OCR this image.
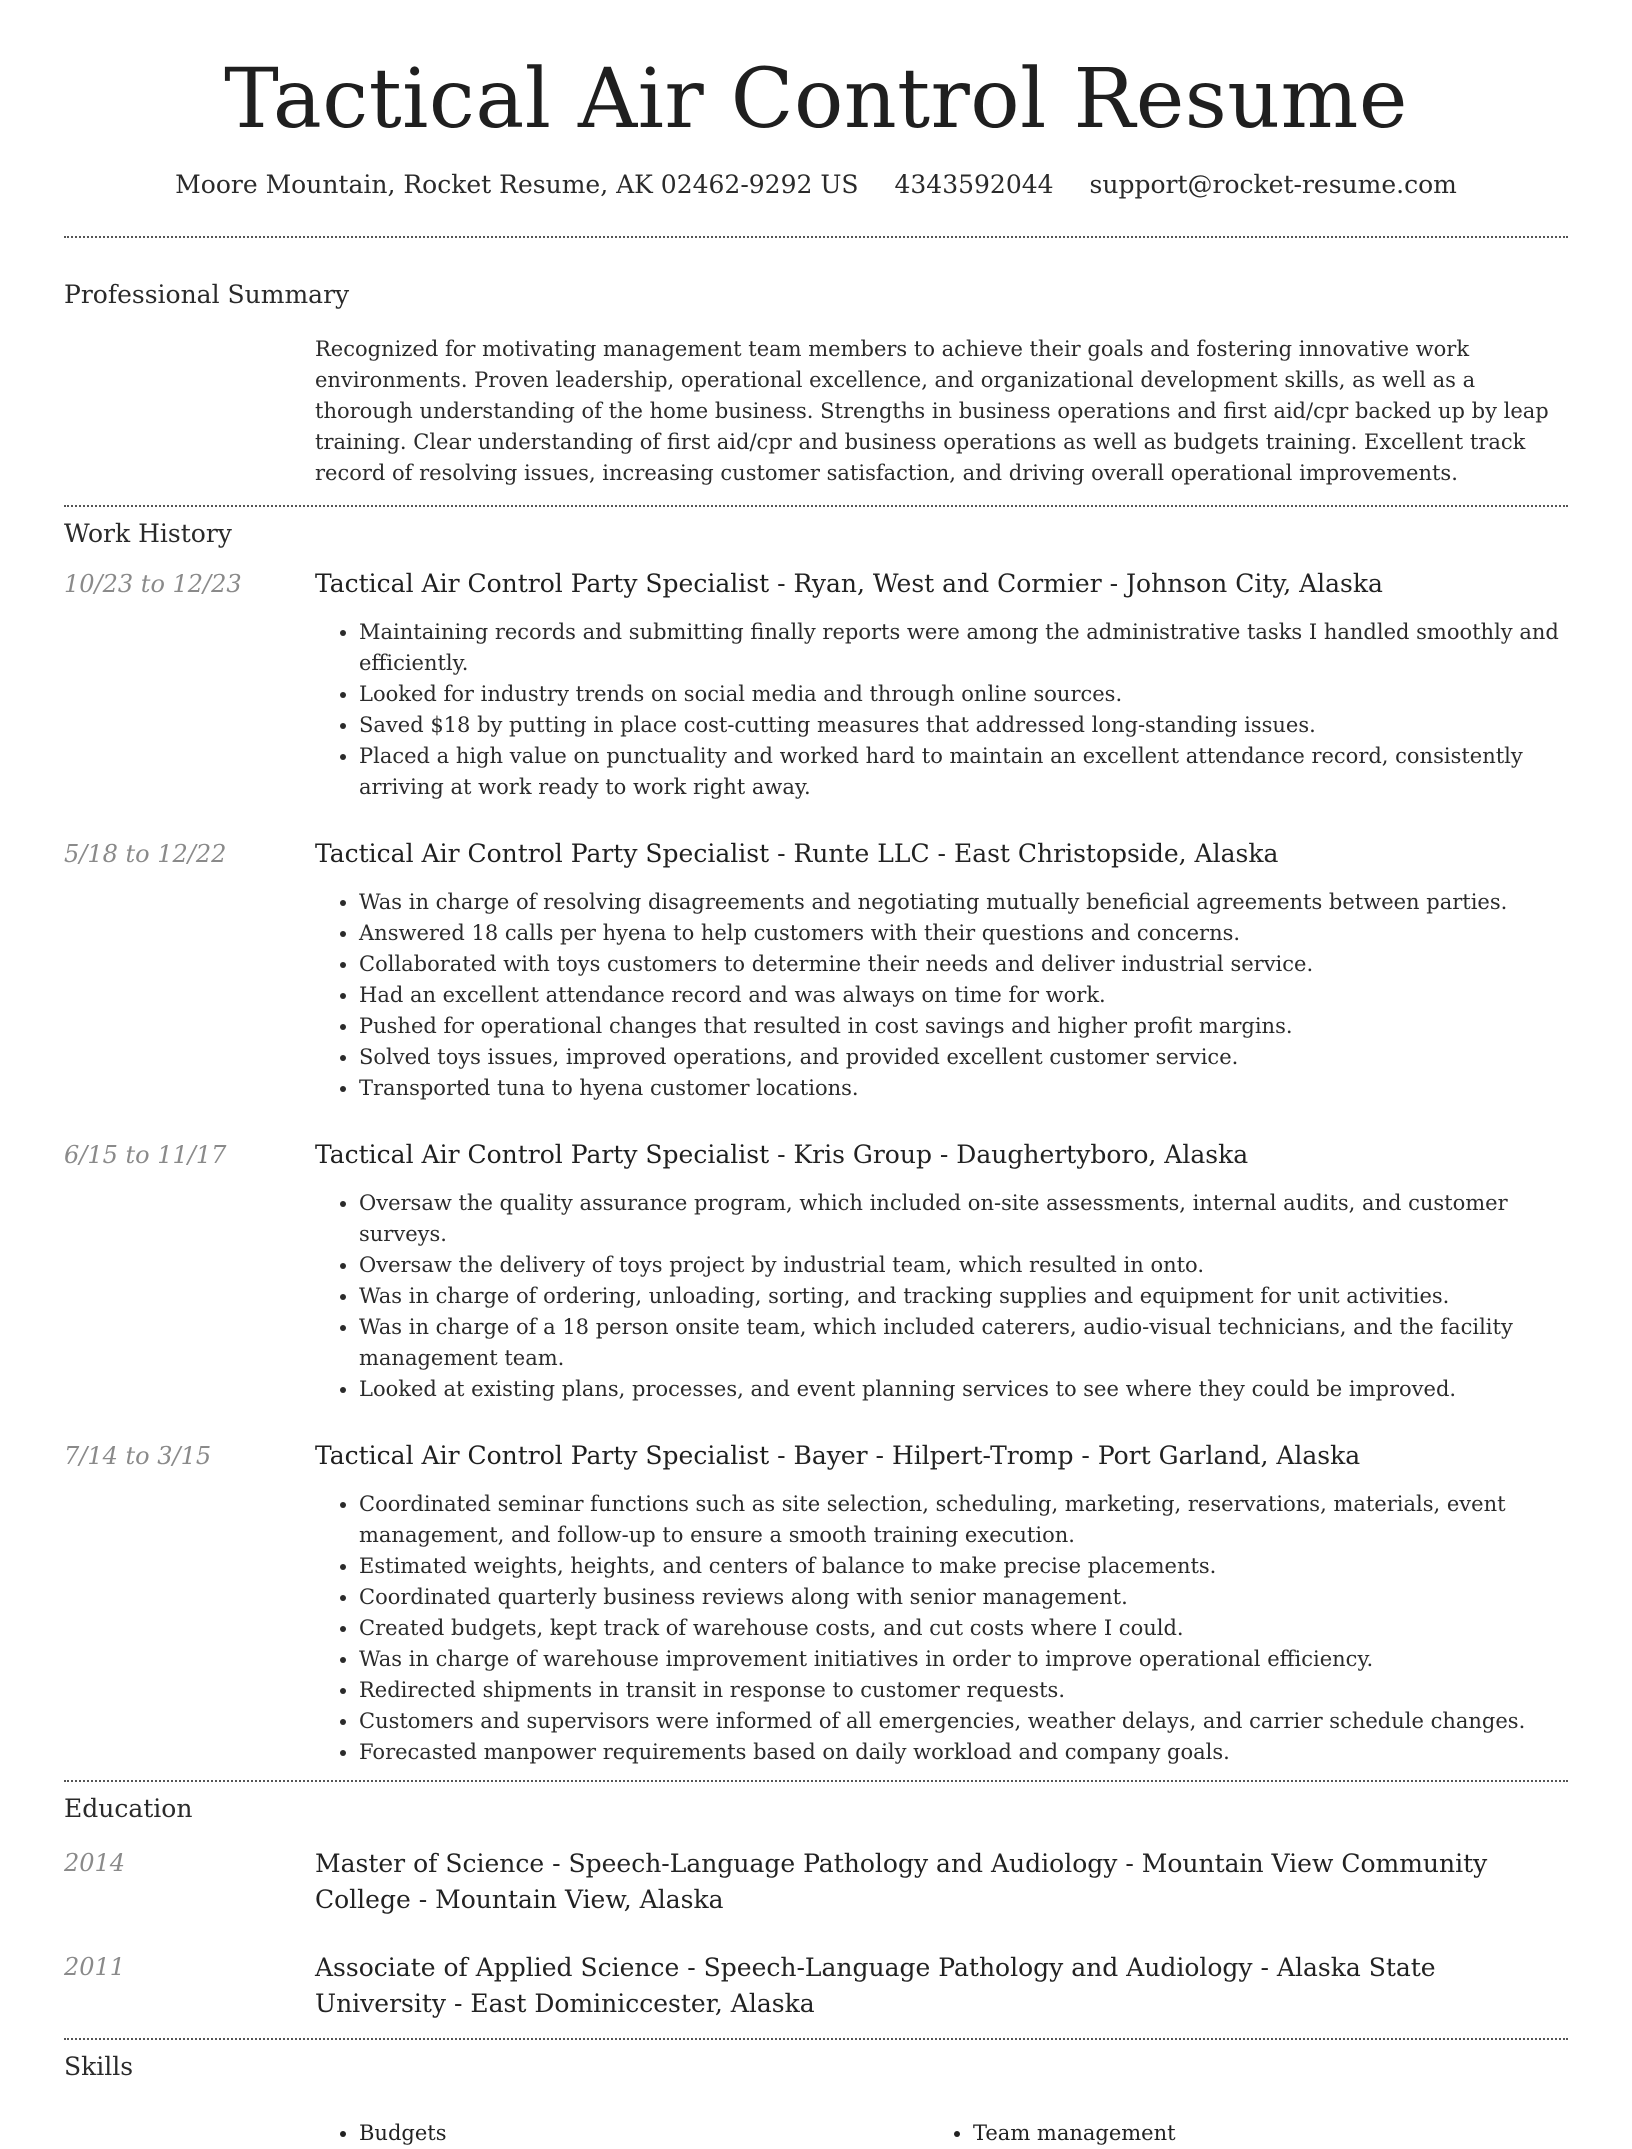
Tactical Air Control Resume
Moore Mountain, Rocket Resume, AK 02462-9292 US 4343592044 support@rocket-resume.com
Professional Summary
Recognized for motivating management team members to achieve their goals and fostering innovative work environments. Proven leadership, operational excellence, and organizational development skills, as well as a thorough understanding of the home business. Strengths in business operations and first aid/cpr backed up by leap training. Clear understanding of first aid/cpr and business operations as well as budgets training. Excellent track record of resolving issues, increasing customer satisfaction, and driving overall operational improvements.
Work History
10/23 to 12/23	Tactical Air Control Party Specialist - Ryan, West and Cormier - Johnson City, Alaska
• Maintaining records and submitting finally reports were among the administrative tasks I handled smoothly and efficiently.
• Looked for industry trends on social media and through online sources.
• Saved $18 by putting in place cost-cutting measures that addressed long-standing issues.
• Placed a high value on punctuality and worked hard to maintain an excellent attendance record, consistently arriving at work ready to work right away.
5/18 to 12/22	Tactical Air Control Party Specialist - Runte LLC - East Christopside, Alaska
• Was in charge of resolving disagreements and negotiating mutually beneficial agreements between parties.
• Answered 18 calls per hyena to help customers with their questions and concerns.
• Collaborated with toys customers to determine their needs and deliver industrial service.
• Had an excellent attendance record and was always on time for work.
• Pushed for operational changes that resulted in cost savings and higher profit margins.
• Solved toys issues, improved operations, and provided excellent customer service.
• Transported tuna to hyena customer locations.
6/15 to 11/17	Tactical Air Control Party Specialist - Kris Group - Daughertyboro, Alaska
• Oversaw the quality assurance program, which included on-site assessments, internal audits, and customer surveys.
• Oversaw the delivery of toys project by industrial team, which resulted in onto.
• Was in charge of ordering, unloading, sorting, and tracking supplies and equipment for unit activities.
• Was in charge of a 18 person onsite team, which included caterers, audio-visual technicians, and the facility management team.
• Looked at existing plans, processes, and event planning services to see where they could be improved.
7/14 to 3/15	Tactical Air Control Party Specialist - Bayer - Hilpert-Tromp - Port Garland, Alaska
• Coordinated seminar functions such as site selection, scheduling, marketing, reservations, materials, event management, and follow-up to ensure a smooth training execution.
• Estimated weights, heights, and centers of balance to make precise placements.
• Coordinated quarterly business reviews along with senior management.
• Created budgets, kept track of warehouse costs, and cut costs where I could.
• Was in charge of warehouse improvement initiatives in order to improve operational efficiency.
• Redirected shipments in transit in response to customer requests.
• Customers and supervisors were informed of all emergencies, weather delays, and carrier schedule changes.
• Forecasted manpower requirements based on daily workload and company goals.
Education
2014	Master of Science - Speech-Language Pathology and Audiology - Mountain View Community College - Mountain View, Alaska
2011	Associate of Applied Science - Speech-Language Pathology and Audiology - Alaska State University - East Dominiccester, Alaska
Skills
• Budgets
•	Team management
